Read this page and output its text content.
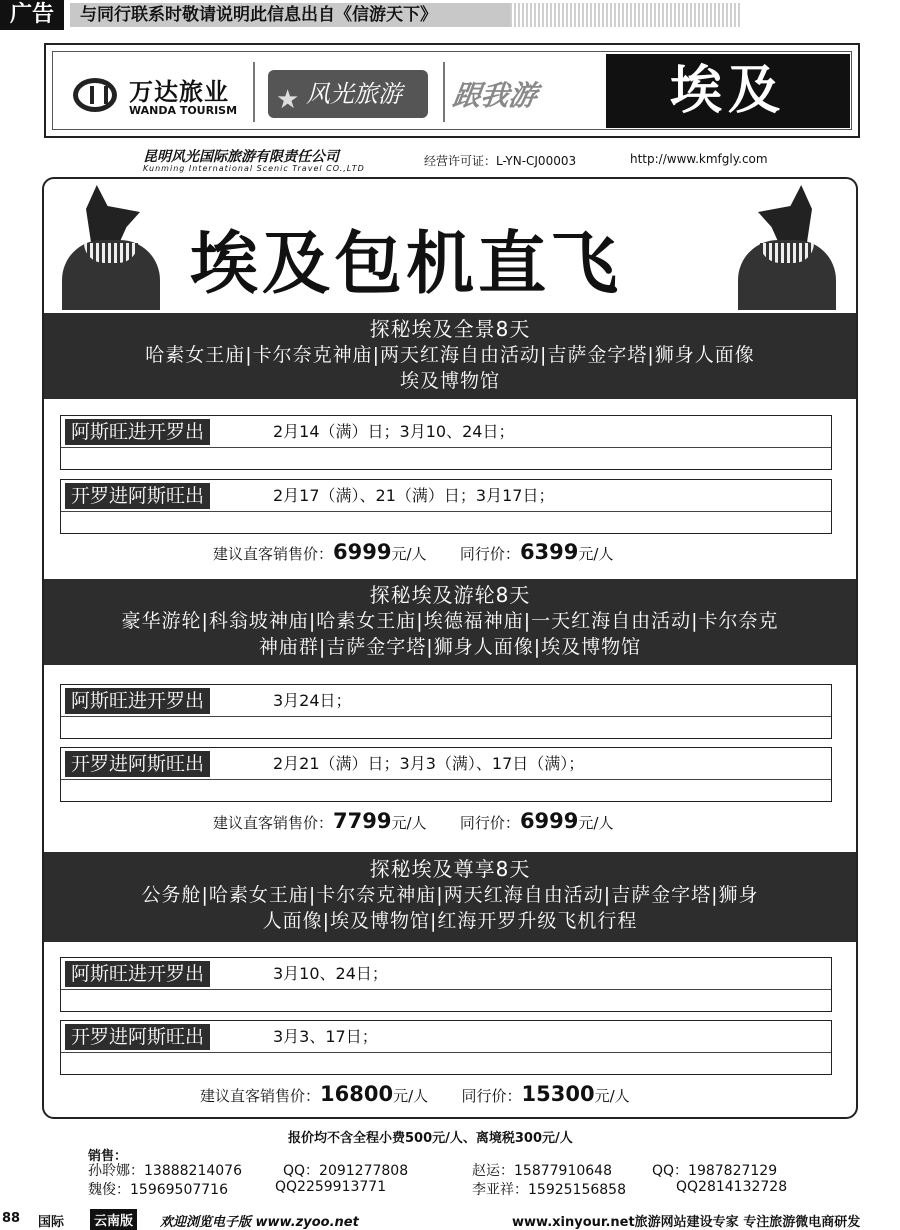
广告	与同行联系时敬请说明此信息出自《信游天下》
万达旅业
WANDA TOURISM ★ 风光旅游	跟我游	埃及
昆明风光国际旅游有限责任公司
Kunming International Scenic Travel CO.,LTD
经营许可证：L-YN-CJ00003	http://www.kmfgly.com
埃及包机直飞
探秘埃及全景8天
哈素女王庙|卡尔奈克神庙|两天红海自由活动|吉萨金字塔|狮身人面像
埃及博物馆
阿斯旺进开罗出	2月14（满）日；3月10、24日；
开罗进阿斯旺出	2月17（满）、21（满）日；3月17日；
建议直客销售价：6999元/人 同行价：6399元/人
探秘埃及游轮8天
豪华游轮|科翁坡神庙|哈素女王庙|埃德福神庙|一天红海自由活动|卡尔奈克
神庙群|吉萨金字塔|狮身人面像|埃及博物馆
阿斯旺进开罗出	3月24日；
开罗进阿斯旺出	2月21（满）日；3月3（满）、17日（满）；
建议直客销售价：7799元/人 同行价：6999元/人
探秘埃及尊享8天
公务舱|哈素女王庙|卡尔奈克神庙|两天红海自由活动|吉萨金字塔|狮身
人面像|埃及博物馆|红海开罗升级飞机行程
阿斯旺进开罗出	3月10、24日；
开罗进阿斯旺出	3月3、17日；
建议直客销售价：16800元/人 同行价：15300元/人
报价均不含全程小费500元/人、离境税300元/人
销售：
孙聆娜：13888214076	QQ：2091277808
魏俊：15969507716	QQ2259913771
赵运：15877910648	QQ：1987827129
李亚祥：15925156858	QQ2814132728
88 国际	云南版	欢迎浏览电子版 www.zyoo.net	www.xinyour.net旅游网站建设专家 专注旅游微电商研发
